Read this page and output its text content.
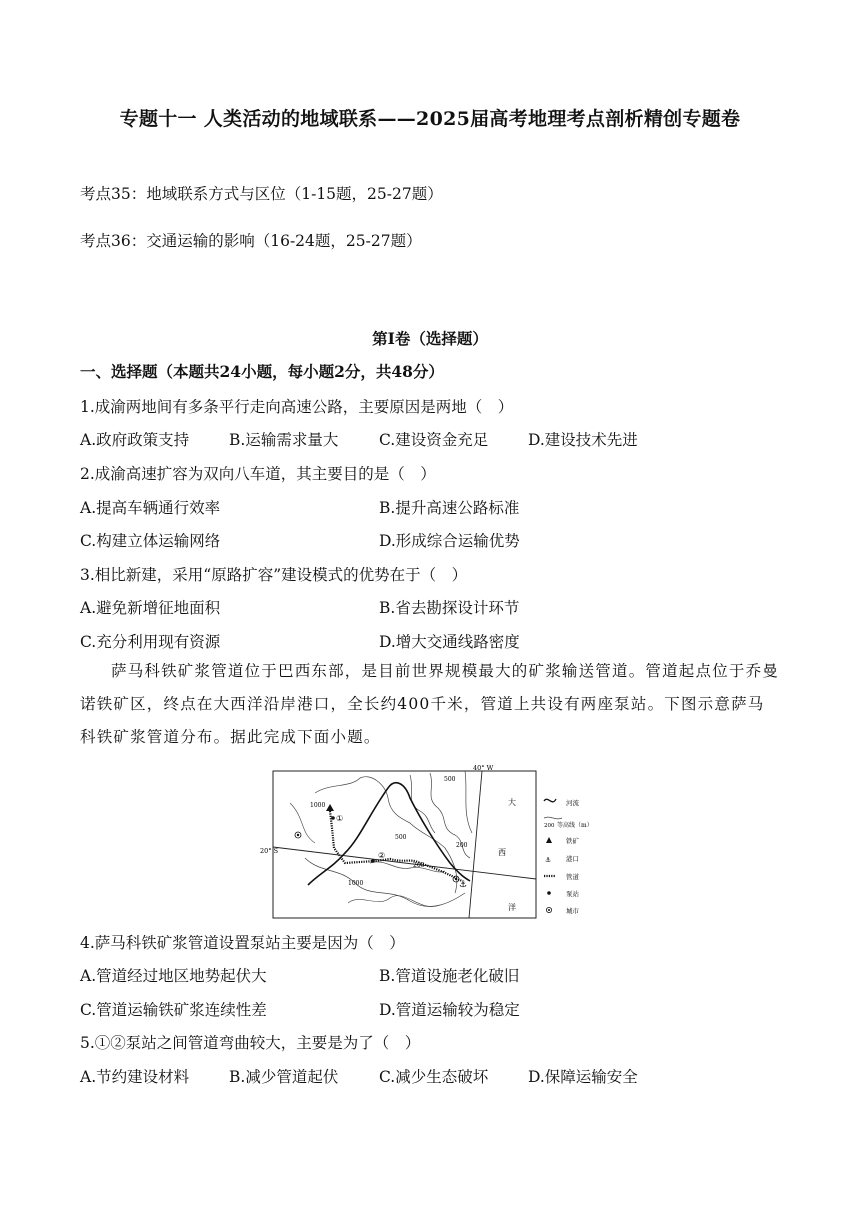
专题十一 人类活动的地域联系——2025届高考地理考点剖析精创专题卷
考点35：地域联系方式与区位（1-15题，25-27题）
考点36：交通运输的影响（16-24题，25-27题）
第Ⅰ卷（选择题）
一、选择题（本题共24小题，每小题2分，共48分）
1.成渝两地间有多条平行走向高速公路，主要原因是两地（　）
A.政府政策支持	B.运输需求量大	C.建设资金充足	D.建设技术先进
2.成渝高速扩容为双向八车道，其主要目的是（　）
A.提高车辆通行效率	B.提升高速公路标准
C.构建立体运输网络	D.形成综合运输优势
3.相比新建，采用“原路扩容”建设模式的优势在于（　）
A.避免新增征地面积	B.省去勘探设计环节
C.充分利用现有资源	D.增大交通线路密度
萨马科铁矿浆管道位于巴西东部，是目前世界规模最大的矿浆输送管道。管道起点位于乔曼诺铁矿区，终点在大西洋沿岸港口，全长约400千米，管道上共设有两座泵站。下图示意萨马科铁矿浆管道分布。据此完成下面小题。
40° W
20° S
1000
500
500
200
200
1000
①
②
⚓
大
西
洋
河流
200 等高线（m）
铁矿
⚓ 港口
管道
泵站
城市
4.萨马科铁矿浆管道设置泵站主要是因为（　）
A.管道经过地区地势起伏大	B.管道设施老化破旧
C.管道运输铁矿浆连续性差	D.管道运输较为稳定
5.①②泵站之间管道弯曲较大，主要是为了（　）
A.节约建设材料	B.减少管道起伏	C.减少生态破坏	D.保障运输安全
